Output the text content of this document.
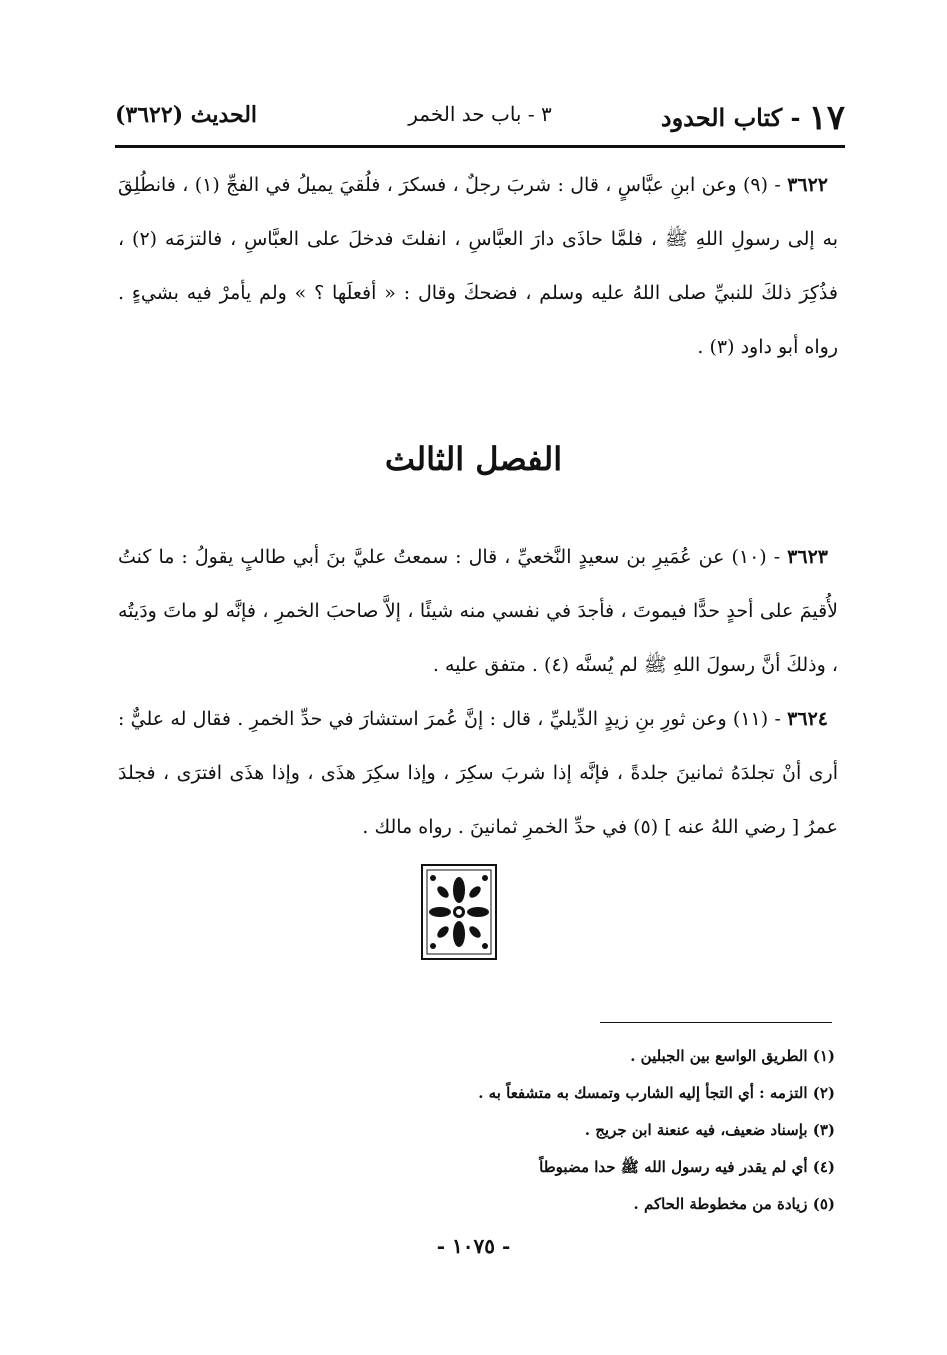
١٧- كتاب الحدود
٣ - باب حد الخمر
الحديث (٣٦٢٢)

٣٦٢٢ - (٩) وعن ابنِ عبَّاسٍ ، قال : شربَ رجلٌ ، فسكرَ ، فلُقيَ يميلُ في الفجِّ (١) ، فانطُلِقَ به إلى رسولِ اللهِ ﷺ ، فلمَّا حاذَى دارَ العبَّاسِ ، انفلتَ فدخلَ على العبَّاسِ ، فالتزمَه (٢) ، فذُكِرَ ذلكَ للنبيِّ صلى اللهُ عليه وسلم ، فضحكَ وقال : « أفعلَها ؟ » ولم يأمرْ فيه بشيءٍ . رواه أبو داود (٣) .

الفصل الثالث

٣٦٢٣ - (١٠) عن عُمَيرِ بن سعيدٍ النَّخعيِّ ، قال : سمعتُ عليَّ بنَ أبي طالبٍ يقولُ : ما كنتُ لأُقيمَ على أحدٍ حدًّا فيموتَ ، فأجدَ في نفسي منه شيئًا ، إلاَّ صاحبَ الخمرِ ، فإنَّه لو ماتَ ودَيتُه ، وذلكَ أنَّ رسولَ اللهِ ﷺ لم يُسنَّه (٤) . متفق عليه .

٣٦٢٤ - (١١) وعن ثورِ بنِ زيدٍ الدِّيليِّ ، قال : إنَّ عُمرَ استشارَ في حدِّ الخمرِ . فقال له عليٌّ : أرى أنْ تجلدَهُ ثمانينَ جلدةً ، فإنَّه إذا شربَ سكِرَ ، وإذا سكِرَ هذَى ، وإذا هذَى افترَى ، فجلدَ عمرُ [ رضي اللهُ عنه ] (٥) في حدِّ الخمرِ ثمانينَ . رواه مالك .

(١) الطريق الواسع بين الجبلين .
(٢) التزمه : أي التجأ إليه الشارب وتمسك به متشفعاً به .
(٣) بإسناد ضعيف، فيه عنعنة ابن جريج .
(٤) أي لم يقدر فيه رسول الله ﷺ حدا مضبوطاً
(٥) زيادة من مخطوطة الحاكم .
- ١٠٧٥ -
